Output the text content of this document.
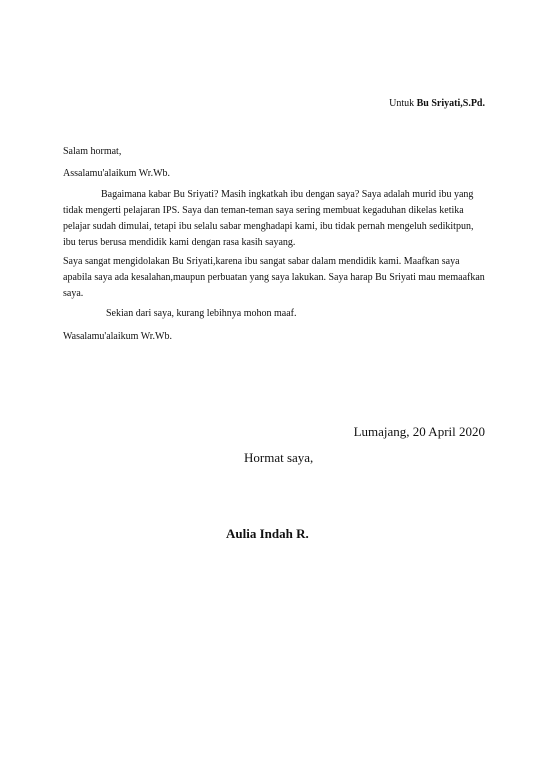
Untuk Bu Sriyati,S.Pd.
Salam hormat,
Assalamu'alaikum Wr.Wb.
Bagaimana kabar Bu Sriyati? Masih ingkatkah ibu dengan saya? Saya adalah murid ibu yang tidak mengerti pelajaran IPS. Saya dan teman-teman saya sering membuat kegaduhan dikelas ketika pelajar sudah dimulai, tetapi ibu selalu sabar menghadapi kami, ibu tidak pernah mengeluh sedikitpun, ibu terus berusa mendidik kami dengan rasa kasih sayang.
Saya sangat mengidolakan Bu Sriyati,karena ibu sangat sabar dalam mendidik kami. Maafkan saya apabila saya ada kesalahan,maupun perbuatan yang saya lakukan. Saya harap Bu Sriyati mau memaafkan saya.
Sekian dari saya, kurang lebihnya mohon maaf.
Wasalamu'alaikum Wr.Wb.
Lumajang, 20 April 2020
Hormat saya,
Aulia Indah R.
